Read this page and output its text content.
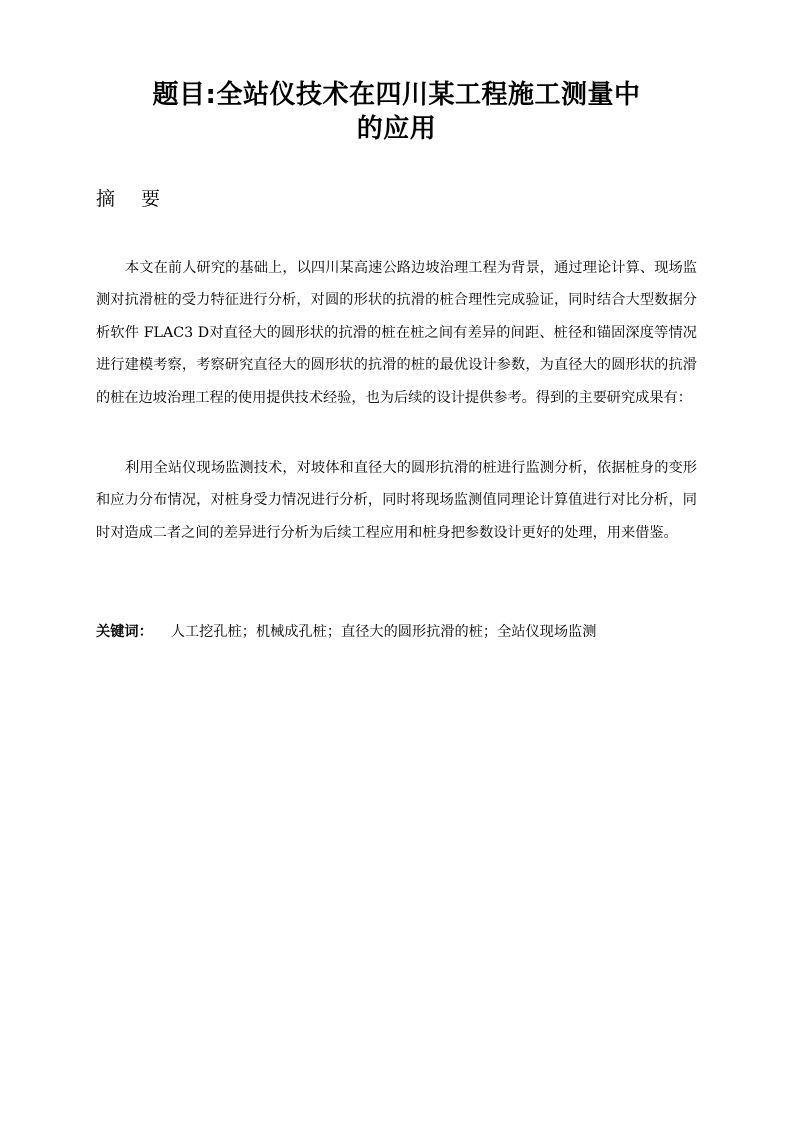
题目:全站仪技术在四川某工程施工测量中
的应用
摘 要

本文在前人研究的基础上，以四川某高速公路边坡治理工程为背景，通过理论计算、现场监测对抗滑桩的受力特征进行分析，对圆的形状的抗滑的桩合理性完成验证，同时结合大型数据分析软件 FLAC3 D对直径大的圆形状的抗滑的桩在桩之间有差异的间距、桩径和锚固深度等情况进行建模考察，考察研究直径大的圆形状的抗滑的桩的最优设计参数，为直径大的圆形状的抗滑的桩在边坡治理工程的使用提供技术经验，也为后续的设计提供参考。得到的主要研究成果有：

利用全站仪现场监测技术，对坡体和直径大的圆形抗滑的桩进行监测分析，依据桩身的变形和应力分布情况，对桩身受力情况进行分析，同时将现场监测值同理论计算值进行对比分析，同时对造成二者之间的差异进行分析为后续工程应用和桩身把参数设计更好的处理，用来借鉴。

关键词： 人工挖孔桩；机械成孔桩；直径大的圆形抗滑的桩；全站仪现场监测
